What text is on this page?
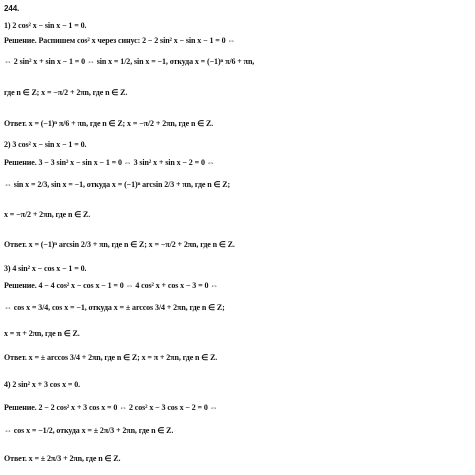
244.
1) 2 cos² x − sin x − 1 = 0.
Решение. Распишем cos² x через синус: 2 − 2 sin² x − sin x − 1 = 0 ⇔
⇔ 2 sin² x + sin x − 1 = 0 ⇔ sin x = 1/2, sin x = −1, откуда x = (−1)ⁿ π/6 + πn,
где n ∈ Z; x = −π/2 + 2πn, где n ∈ Z.
Ответ. x = (−1)ⁿ π/6 + πn, где n ∈ Z; x = −π/2 + 2πn, где n ∈ Z.
2) 3 cos² x − sin x − 1 = 0.
Решение. 3 − 3 sin² x − sin x − 1 = 0 ⇔ 3 sin² x + sin x − 2 = 0 ⇔
⇔ sin x = 2/3, sin x = −1, откуда x = (−1)ⁿ arcsin 2/3 + πn, где n ∈ Z;
x = −π/2 + 2πn, где n ∈ Z.
Ответ. x = (−1)ⁿ arcsin 2/3 + πn, где n ∈ Z; x = −π/2 + 2πn, где n ∈ Z.
3) 4 sin² x − cos x − 1 = 0.
Решение. 4 − 4 cos² x − cos x − 1 = 0 ⇔ 4 cos² x + cos x − 3 = 0 ⇔
⇔ cos x = 3/4, cos x = −1, откуда x = ± arccos 3/4 + 2πn, где n ∈ Z;
x = π + 2πn, где n ∈ Z.
Ответ. x = ± arccos 3/4 + 2πn, где n ∈ Z; x = π + 2πn, где n ∈ Z.
4) 2 sin² x + 3 cos x = 0.
Решение. 2 − 2 cos² x + 3 cos x = 0 ⇔ 2 cos² x − 3 cos x − 2 = 0 ⇔
⇔ cos x = −1/2, откуда x = ± 2π/3 + 2πn, где n ∈ Z.
Ответ. x = ± 2π/3 + 2πn, где n ∈ Z.
